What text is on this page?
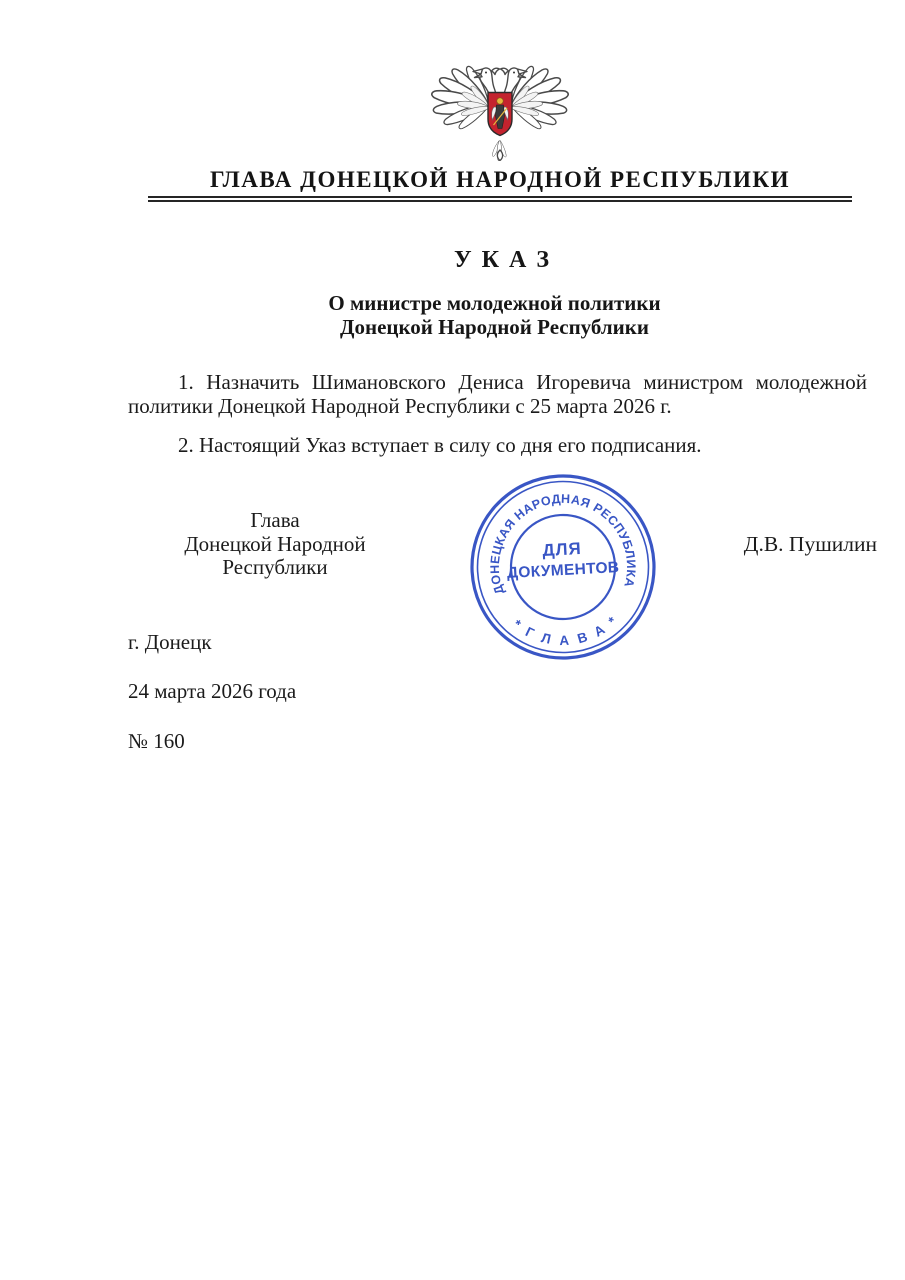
ГЛАВА ДОНЕЦКОЙ НАРОДНОЙ РЕСПУБЛИКИ
У К А З
О министре молодежной политики
Донецкой Народной Республики

1. Назначить Шимановского Дениса Игоревича министром молодежной политики Донецкой Народной Республики с 25 марта 2026 г.

2. Настоящий Указ вступает в силу со дня его подписания.

Глава
Донецкой Народной Республики
Д.В. Пушилин
ДОНЕЦКАЯ НАРОДНАЯ РЕСПУБЛИКА
* Г Л А В А *
ДЛЯ
ДОКУМЕНТОВ
г. Донецк
24 марта 2026 года
№ 160
